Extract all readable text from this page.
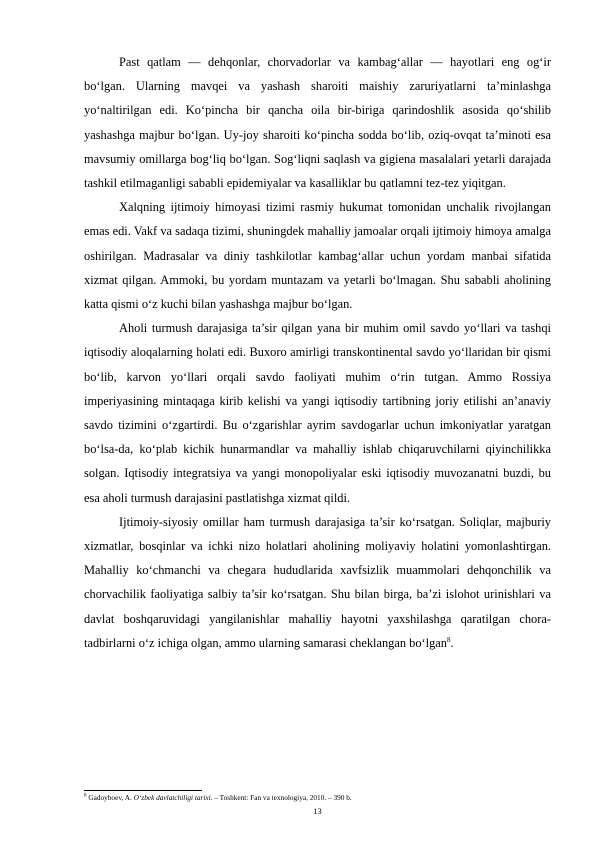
Past qatlam — dehqonlar, chorvadorlar va kambag‘allar — hayotlari eng og‘ir bo‘lgan. Ularning mavqei va yashash sharoiti maishiy zaruriyatlarni ta’minlashga yo‘naltirilgan edi. Ko‘pincha bir qancha oila bir-biriga qarindoshlik asosida qo‘shilib yashashga majbur bo‘lgan. Uy-joy sharoiti ko‘pincha sodda bo‘lib, oziq-ovqat ta’minoti esa mavsumiy omillarga bog‘liq bo‘lgan. Sog‘liqni saqlash va gigiena masalalari yetarli darajada tashkil etilmaganligi sababli epidemiyalar va kasalliklar bu qatlamni tez-tez yiqitgan.

Xalqning ijtimoiy himoyasi tizimi rasmiy hukumat tomonidan unchalik rivojlangan emas edi. Vakf va sadaqa tizimi, shuningdek mahalliy jamoalar orqali ijtimoiy himoya amalga oshirilgan. Madrasalar va diniy tashkilotlar kambag‘allar uchun yordam manbai sifatida xizmat qilgan. Ammoki, bu yordam muntazam va yetarli bo‘lmagan. Shu sababli aholining katta qismi o‘z kuchi bilan yashashga majbur bo‘lgan.

Aholi turmush darajasiga ta’sir qilgan yana bir muhim omil savdo yo‘llari va tashqi iqtisodiy aloqalarning holati edi. Buxoro amirligi transkontinental savdo yo‘llaridan bir qismi bo‘lib, karvon yo‘llari orqali savdo faoliyati muhim o‘rin tutgan. Ammo Rossiya imperiyasining mintaqaga kirib kelishi va yangi iqtisodiy tartibning joriy etilishi an’anaviy savdo tizimini o‘zgartirdi. Bu o‘zgarishlar ayrim savdogarlar uchun imkoniyatlar yaratgan bo‘lsa-da, ko‘plab kichik hunarmandlar va mahalliy ishlab chiqaruvchilarni qiyinchilikka solgan. Iqtisodiy integratsiya va yangi monopoliyalar eski iqtisodiy muvozanatni buzdi, bu esa aholi turmush darajasini pastlatishga xizmat qildi.

Ijtimoiy-siyosiy omillar ham turmush darajasiga ta’sir ko‘rsatgan. Soliqlar, majburiy xizmatlar, bosqinlar va ichki nizo holatlari aholining moliyaviy holatini yomonlashtirgan. Mahalliy ko‘chmanchi va chegara hududlarida xavfsizlik muammolari dehqonchilik va chorvachilik faoliyatiga salbiy ta’sir ko‘rsatgan. Shu bilan birga, ba’zi islohot urinishlari va davlat boshqaruvidagi yangilanishlar mahalliy hayotni yaxshilashga qaratilgan chora-tadbirlarni o‘z ichiga olgan, ammo ularning samarasi cheklangan bo‘lgan$^8$.

$^8$ Gadoyboev, A. O‘zbek davlatchiligi tarixi. – Toshkent: Fan va texnologiya, 2010. – 390 b.
13
